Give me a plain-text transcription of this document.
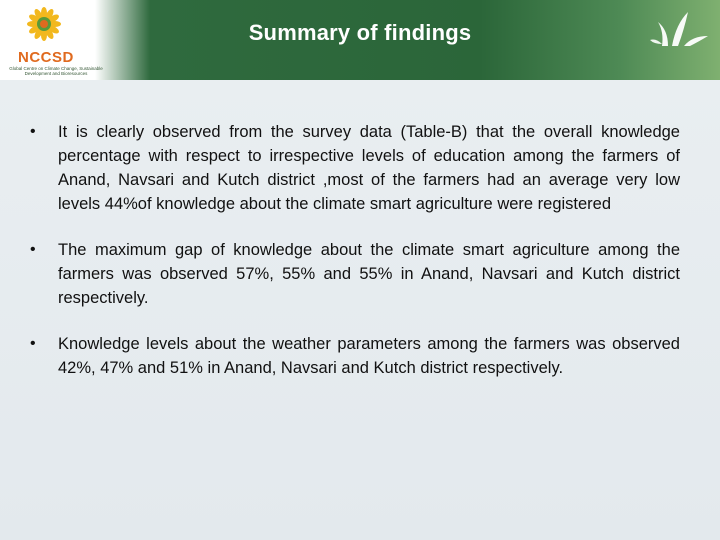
NCCSD
Global Centre on Climate Change, Sustainable Development and Bioresources
Summary of findings
• It is clearly observed from the survey data (Table-B) that the overall knowledge percentage with respect to irrespective levels of education among the farmers of Anand, Navsari and Kutch district ,most of the farmers had an average very low levels 44%of knowledge about the climate smart agriculture were registered
• The maximum gap of knowledge about the climate smart agriculture among the farmers was observed 57%, 55% and 55% in Anand, Navsari and Kutch district respectively.
• Knowledge levels about the weather parameters among the farmers was observed 42%, 47% and 51% in Anand, Navsari and Kutch district respectively.
